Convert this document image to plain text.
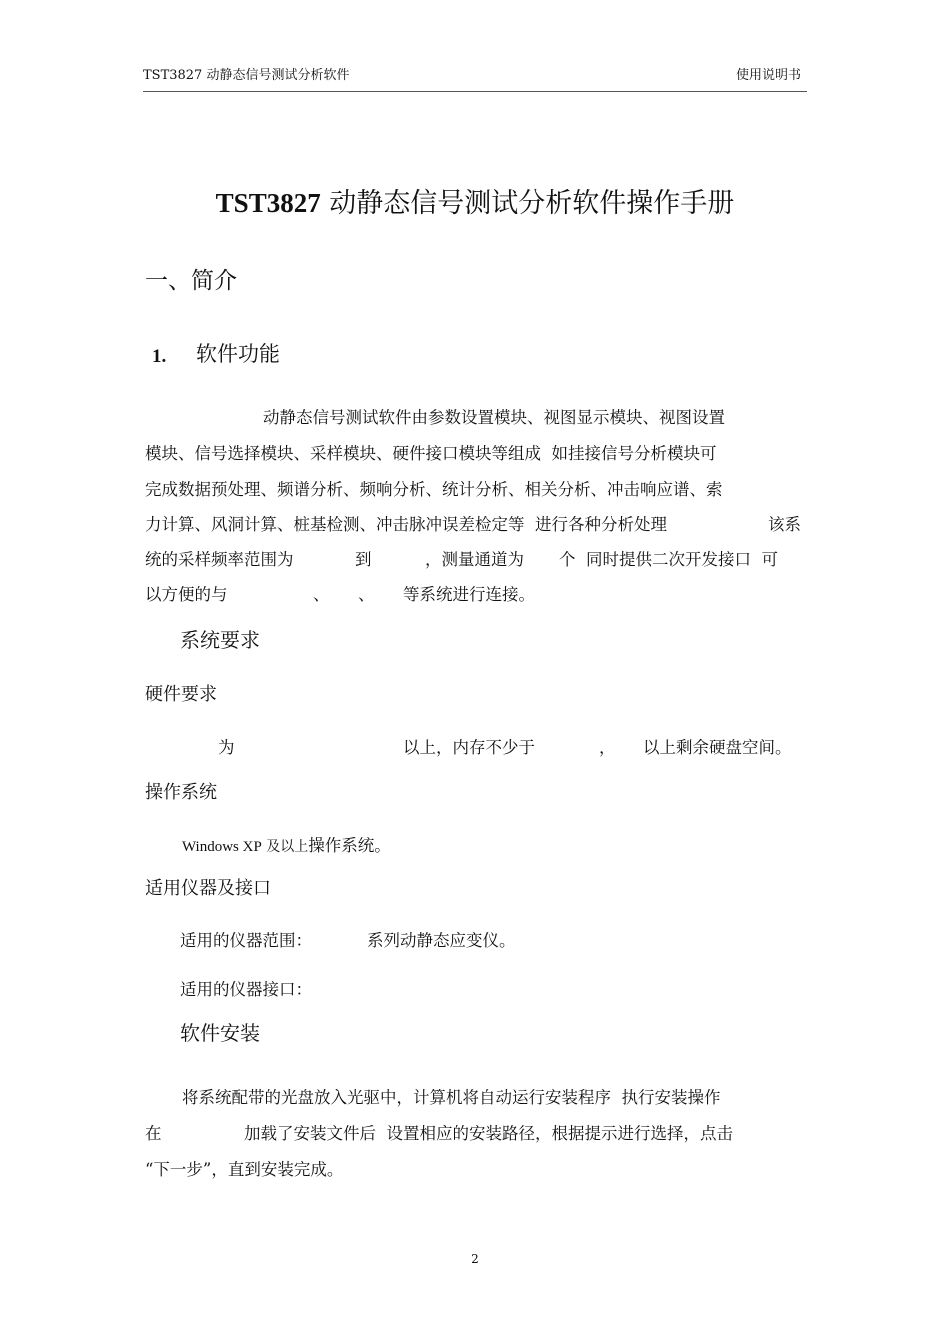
TST3827 动静态信号测试分析软件	使用说明书
TST3827 动静态信号测试分析软件操作手册
一、简介
1. 软件功能
动静态信号测试软件由参数设置模块、视图显示模块、视图设置
模块、信号选择模块、采样模块、硬件接口模块等组成  如挂接信号分析模块可
完成数据预处理、频谱分析、频响分析、统计分析、相关分析、冲击响应谱、索
力计算、风洞计算、桩基检测、冲击脉冲误差检定等  进行各种分析处理	该系
统的采样频率范围为	到	，测量通道为 个  同时提供二次开发接口  可
以方便的与	、 、 等系统进行连接。
系统要求
硬件要求
为	以上，内存不少于	， 以上剩余硬盘空间。
操作系统
Windows XP 及以上操作系统。
适用仪器及接口
适用的仪器范围：	系列动静态应变仪。
适用的仪器接口：
软件安装
将系统配带的光盘放入光驱中，计算机将自动运行安装程序  执行安装操作
在	加载了安装文件后  设置相应的安装路径，根据提示进行选择，点击
“下一步”，直到安装完成。
2
